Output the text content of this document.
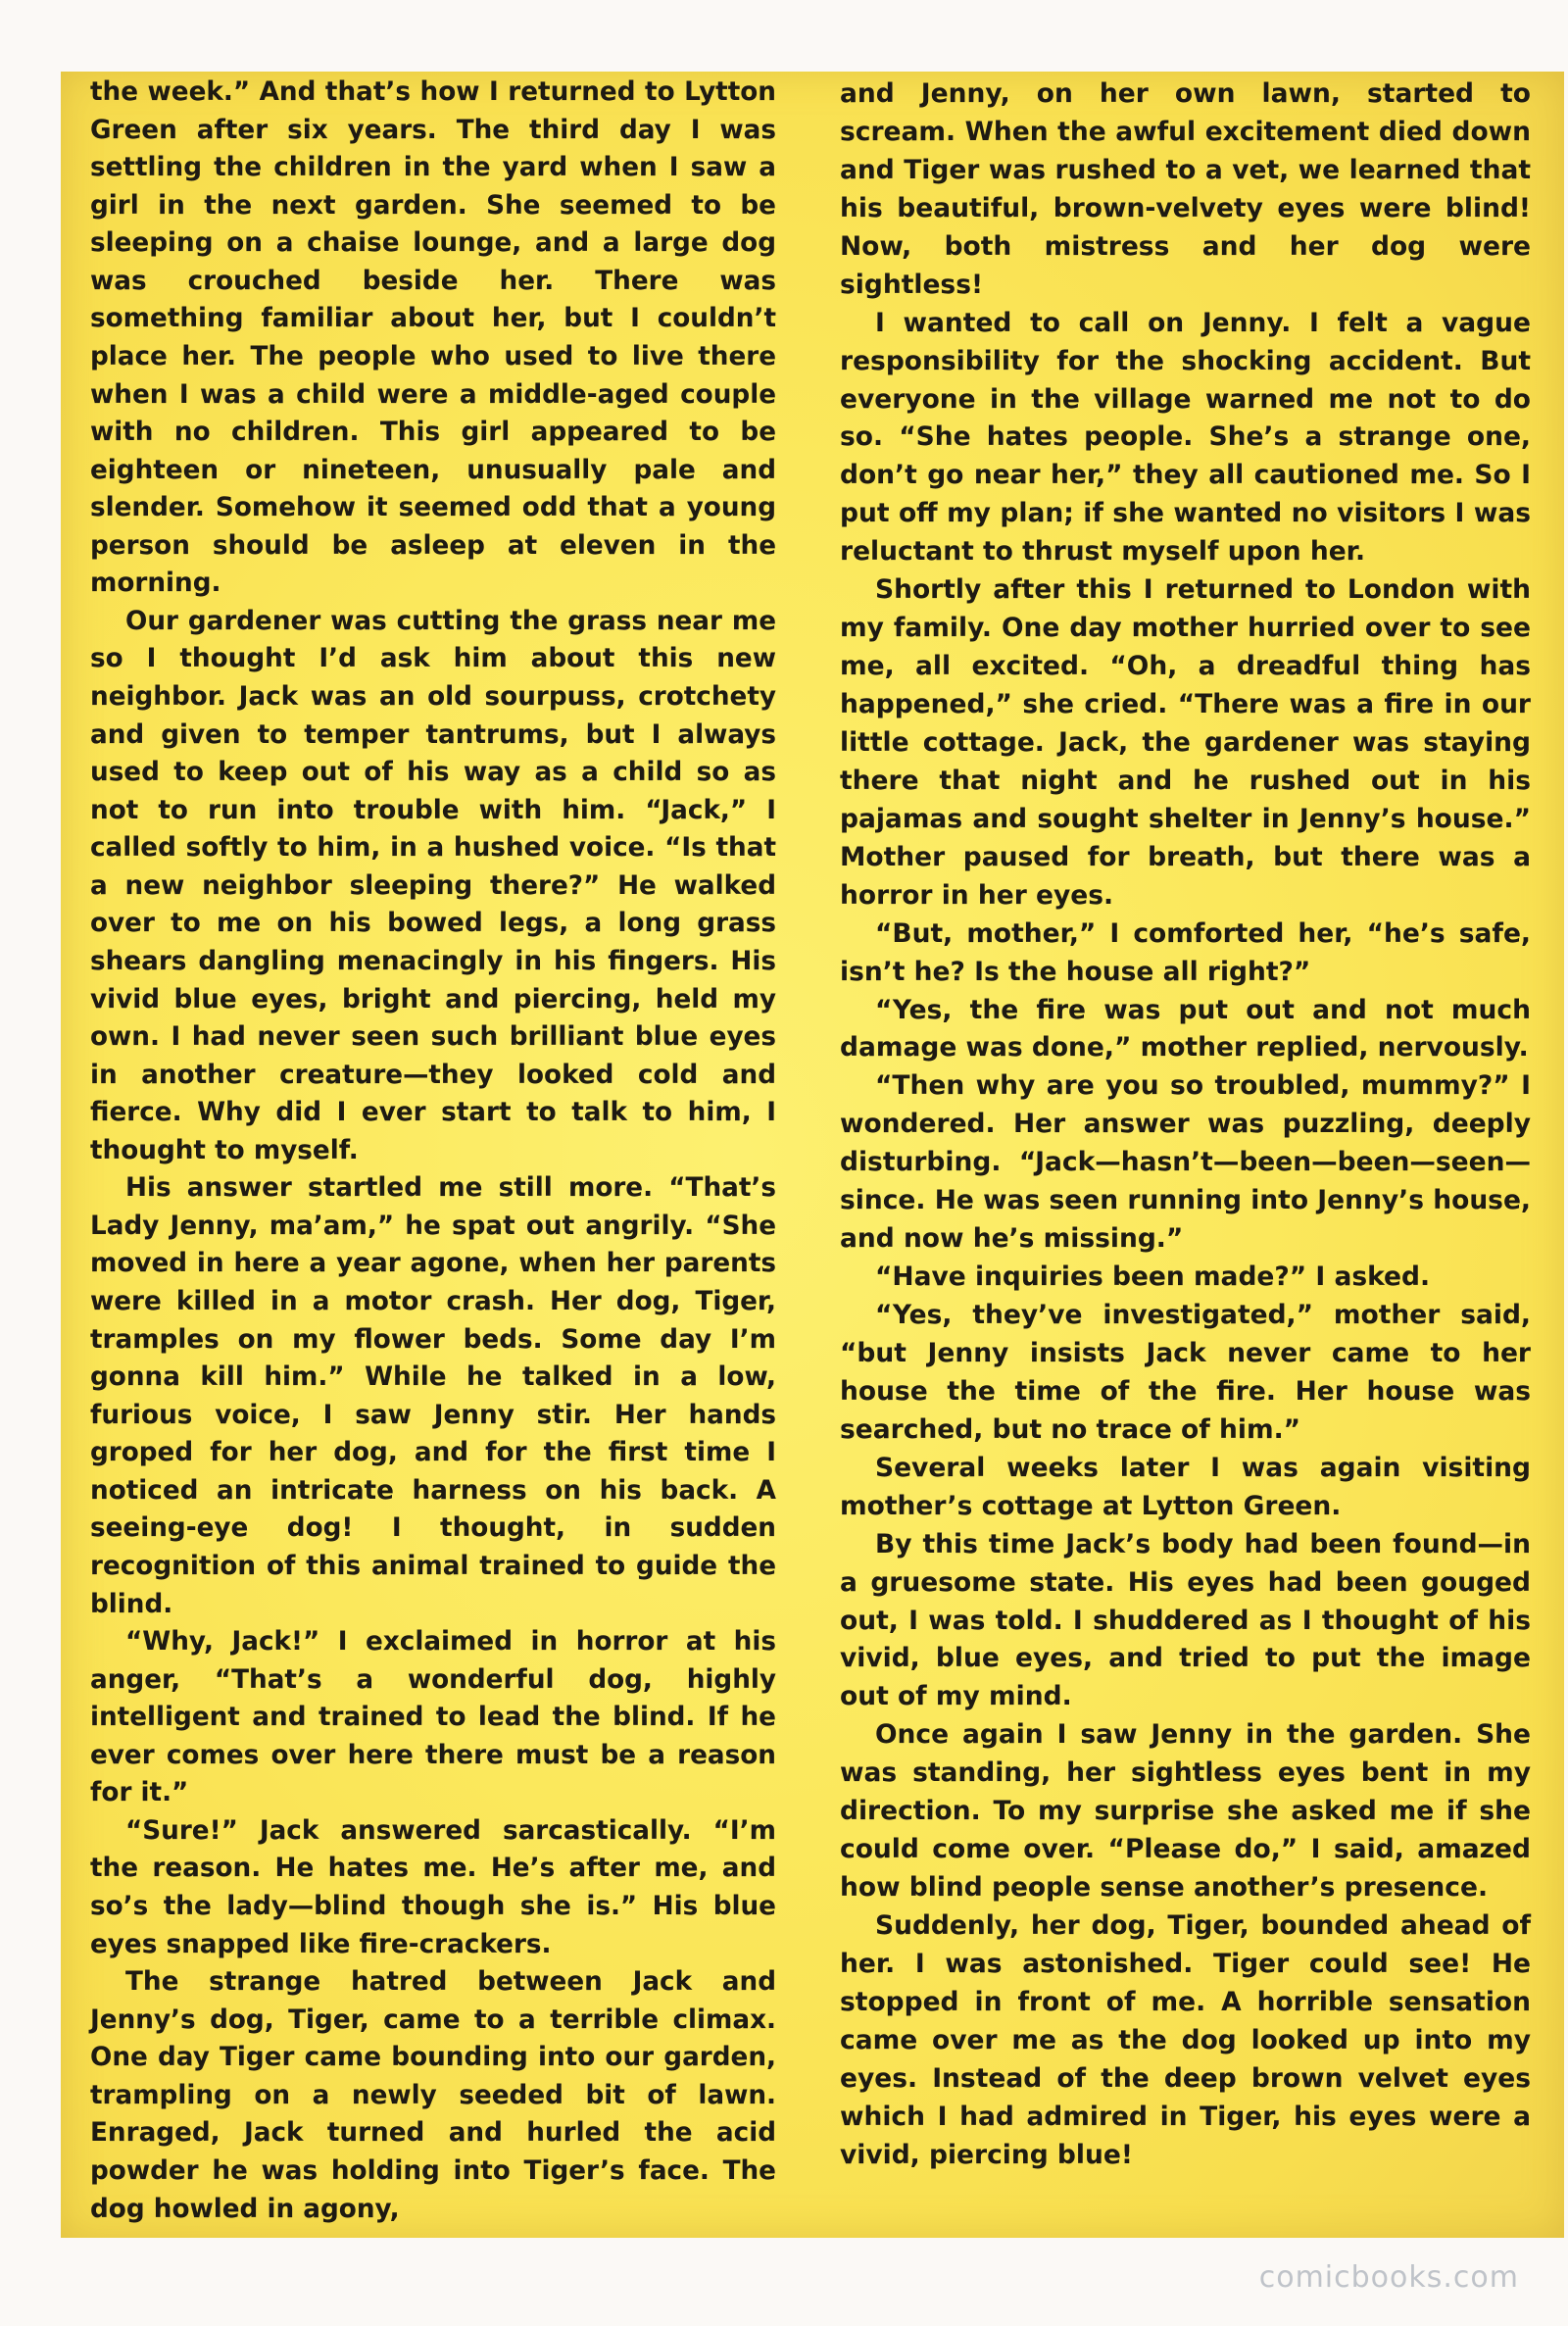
the week.” And that’s how I returned to Lytton Green after six years. The third day I was settling the children in the yard when I saw a girl in the next garden. She seemed to be sleeping on a chaise lounge, and a large dog was crouched beside her. There was something familiar about her, but I couldn’t place her. The people who used to live there when I was a child were a middle-aged couple with no children. This girl appeared to be eighteen or nineteen, unusually pale and slender. Somehow it seemed odd that a young person should be asleep at eleven in the morning.

Our gardener was cutting the grass near me so I thought I’d ask him about this new neighbor. Jack was an old sourpuss, crotchety and given to temper tantrums, but I always used to keep out of his way as a child so as not to run into trouble with him. “Jack,” I called softly to him, in a hushed voice. “Is that a new neighbor sleeping there?” He walked over to me on his bowed legs, a long grass shears dangling menacingly in his fingers. His vivid blue eyes, bright and piercing, held my own. I had never seen such brilliant blue eyes in another creature—they looked cold and fierce. Why did I ever start to talk to him, I thought to myself.

His answer startled me still more. “That’s Lady Jenny, ma’am,” he spat out angrily. “She moved in here a year agone, when her parents were killed in a motor crash. Her dog, Tiger, tramples on my flower beds. Some day I’m gonna kill him.” While he talked in a low, furious voice, I saw Jenny stir. Her hands groped for her dog, and for the first time I noticed an intricate harness on his back. A seeing-eye dog! I thought, in sudden recognition of this animal trained to guide the blind.

“Why, Jack!” I exclaimed in horror at his anger, “That’s a wonderful dog, highly intelligent and trained to lead the blind. If he ever comes over here there must be a reason for it.”

“Sure!” Jack answered sarcastically. “I’m the reason. He hates me. He’s after me, and so’s the lady—blind though she is.” His blue eyes snapped like fire-crackers.

The strange hatred between Jack and Jenny’s dog, Tiger, came to a terrible climax. One day Tiger came bounding into our garden, trampling on a newly seeded bit of lawn. Enraged, Jack turned and hurled the acid powder he was holding into Tiger’s face. The dog howled in agony,

and Jenny, on her own lawn, started to scream. When the awful excitement died down and Tiger was rushed to a vet, we learned that his beautiful, brown-velvety eyes were blind! Now, both mistress and her dog were sightless!

I wanted to call on Jenny. I felt a vague responsibility for the shocking accident. But everyone in the village warned me not to do so. “She hates people. She’s a strange one, don’t go near her,” they all cautioned me. So I put off my plan; if she wanted no visitors I was reluctant to thrust myself upon her.

Shortly after this I returned to London with my family. One day mother hurried over to see me, all excited. “Oh, a dreadful thing has happened,” she cried. “There was a fire in our little cottage. Jack, the gardener was staying there that night and he rushed out in his pajamas and sought shelter in Jenny’s house.” Mother paused for breath, but there was a horror in her eyes.

“But, mother,” I comforted her, “he’s safe, isn’t he? Is the house all right?”

“Yes, the fire was put out and not much damage was done,” mother replied, nervously.

“Then why are you so troubled, mummy?” I wondered. Her answer was puzzling, deeply disturbing. “Jack—hasn’t—been—been—seen—since. He was seen running into Jenny’s house, and now he’s missing.”

“Have inquiries been made?” I asked.

“Yes, they’ve investigated,” mother said, “but Jenny insists Jack never came to her house the time of the fire. Her house was searched, but no trace of him.”

Several weeks later I was again visiting mother’s cottage at Lytton Green.

By this time Jack’s body had been found—in a gruesome state. His eyes had been gouged out, I was told. I shuddered as I thought of his vivid, blue eyes, and tried to put the image out of my mind.

Once again I saw Jenny in the garden. She was standing, her sightless eyes bent in my direction. To my surprise she asked me if she could come over. “Please do,” I said, amazed how blind people sense another’s presence.

Suddenly, her dog, Tiger, bounded ahead of her. I was astonished. Tiger could see! He stopped in front of me. A horrible sensation came over me as the dog looked up into my eyes. Instead of the deep brown velvet eyes which I had admired in Tiger, his eyes were a vivid, piercing blue!

comicbooks.com
